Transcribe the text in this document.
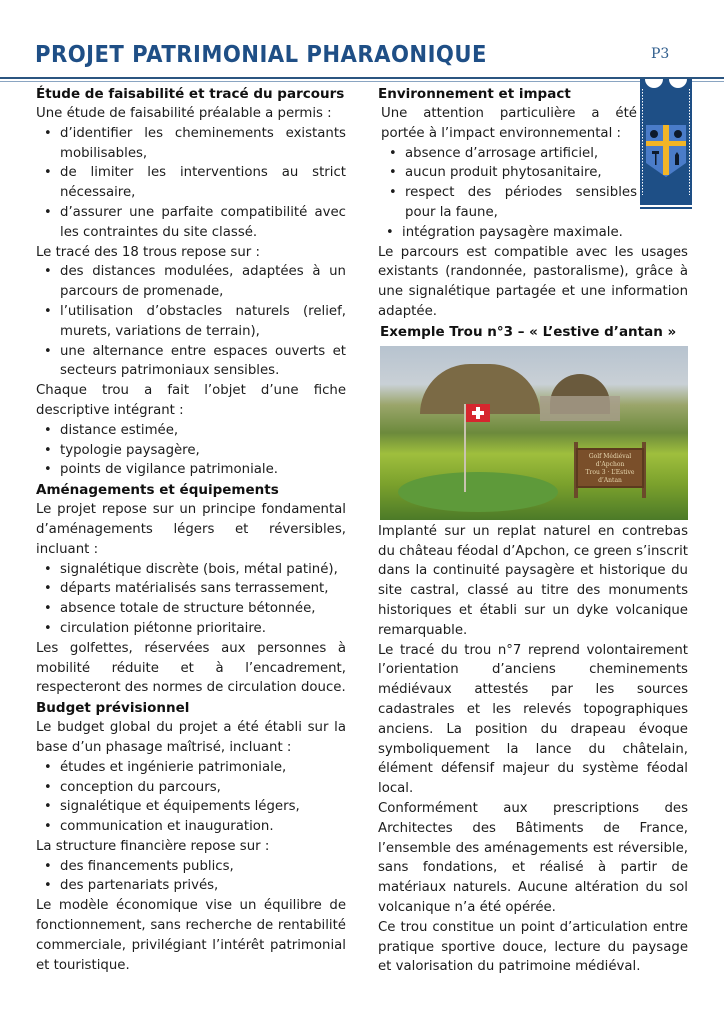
PROJET PATRIMONIAL PHARAONIQUE	P3
Étude de faisabilité et tracé du parcours

Une étude de faisabilité préalable a permis :

• d’identifier les cheminements existants mobilisables,
• de limiter les interventions au strict nécessaire,
• d’assurer une parfaite compatibilité avec les contraintes du site classé.

Le tracé des 18 trous repose sur :

• des distances modulées, adaptées à un parcours de promenade,
• l’utilisation d’obstacles naturels (relief, murets, variations de terrain),
• une alternance entre espaces ouverts et secteurs patrimoniaux sensibles.

Chaque trou a fait l’objet d’une fiche descriptive intégrant :

• distance estimée,
• typologie paysagère,
• points de vigilance patrimoniale.
Aménagements et équipements

Le projet repose sur un principe fondamental d’aménagements légers et réversibles, incluant :

• signalétique discrète (bois, métal patiné),
• départs matérialisés sans terrassement,
• absence totale de structure bétonnée,
• circulation piétonne prioritaire.

Les golfettes, réservées aux personnes à mobilité réduite et à l’encadrement, respecteront des normes de circulation douce.

Budget prévisionnel

Le budget global du projet a été établi sur la base d’un phasage maîtrisé, incluant :

• études et ingénierie patrimoniale,
• conception du parcours,
• signalétique et équipements légers,
• communication et inauguration.

La structure financière repose sur :

• des financements publics,
• des partenariats privés,

Le modèle économique vise un équilibre de fonctionnement, sans recherche de rentabilité commerciale, privilégiant l’intérêt patrimonial et touristique.

Environnement et impact

Une attention particulière a été portée à l’impact environnemental :

• absence d’arrosage artificiel,
• aucun produit phytosanitaire,
• respect des périodes sensibles pour la faune,
• intégration paysagère maximale.

Le parcours est compatible avec les usages existants (randonnée, pastoralisme), grâce à une signalétique partagée et une information adaptée.

Exemple Trou n°3 – « L’estive d’antan »
Golf Médiéval
d’Apchon
Trou 3 · L’Estive d’Antan

Implanté sur un replat naturel en contrebas du château féodal d’Apchon, ce green s’inscrit dans la continuité paysagère et historique du site castral, classé au titre des monuments historiques et établi sur un dyke volcanique remarquable.

Le tracé du trou n°7 reprend volontairement l’orientation d’anciens cheminements médiévaux attestés par les sources cadastrales et les relevés topographiques anciens. La position du drapeau évoque symboliquement la lance du châtelain, élément défensif majeur du système féodal local.

Conformément aux prescriptions des Architectes des Bâtiments de France, l’ensemble des aménagements est réversible, sans fondations, et réalisé à partir de matériaux naturels. Aucune altération du sol volcanique n’a été opérée.

Ce trou constitue un point d’articulation entre pratique sportive douce, lecture du paysage et valorisation du patrimoine médiéval.
